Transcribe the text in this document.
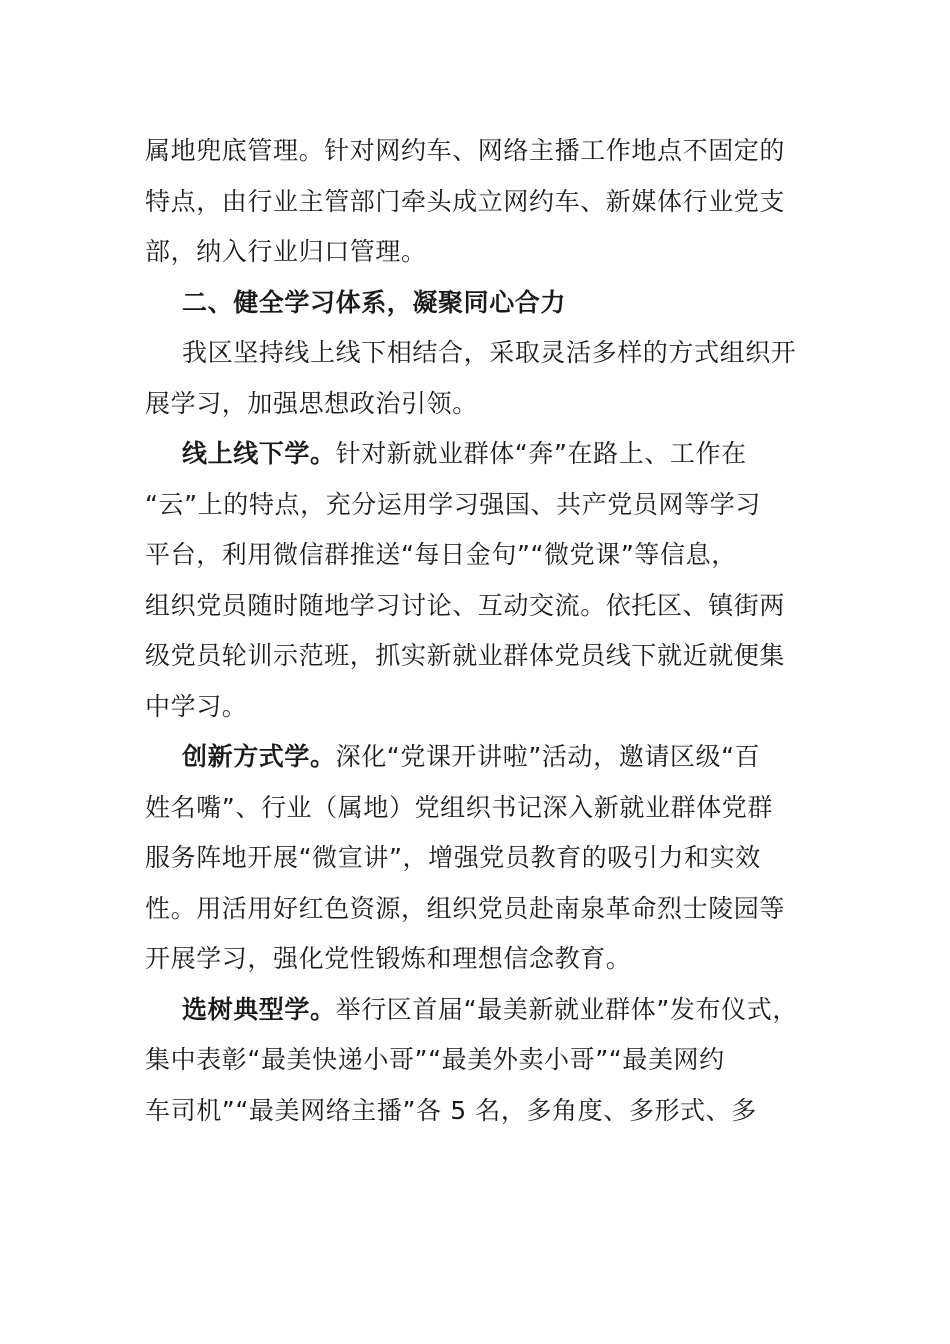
属地兜底管理。针对网约车、网络主播工作地点不固定的
特点，由行业主管部门牵头成立网约车、新媒体行业党支
部，纳入行业归口管理。
二、健全学习体系，凝聚同心合力
我区坚持线上线下相结合，采取灵活多样的方式组织开
展学习，加强思想政治引领。
线上线下学。针对新就业群体“奔”在路上、工作在
“云”上的特点，充分运用学习强国、共产党员网等学习
平台，利用微信群推送“每日金句”“微党课”等信息，
组织党员随时随地学习讨论、互动交流。依托区、镇街两
级党员轮训示范班，抓实新就业群体党员线下就近就便集
中学习。
创新方式学。深化“党课开讲啦”活动，邀请区级“百
姓名嘴”、行业（属地）党组织书记深入新就业群体党群
服务阵地开展“微宣讲”，增强党员教育的吸引力和实效
性。用活用好红色资源，组织党员赴南泉革命烈士陵园等
开展学习，强化党性锻炼和理想信念教育。
选树典型学。举行区首届“最美新就业群体”发布仪式，
集中表彰“最美快递小哥”“最美外卖小哥”“最美网约
车司机”“最美网络主播”各 5 名，多角度、多形式、多
